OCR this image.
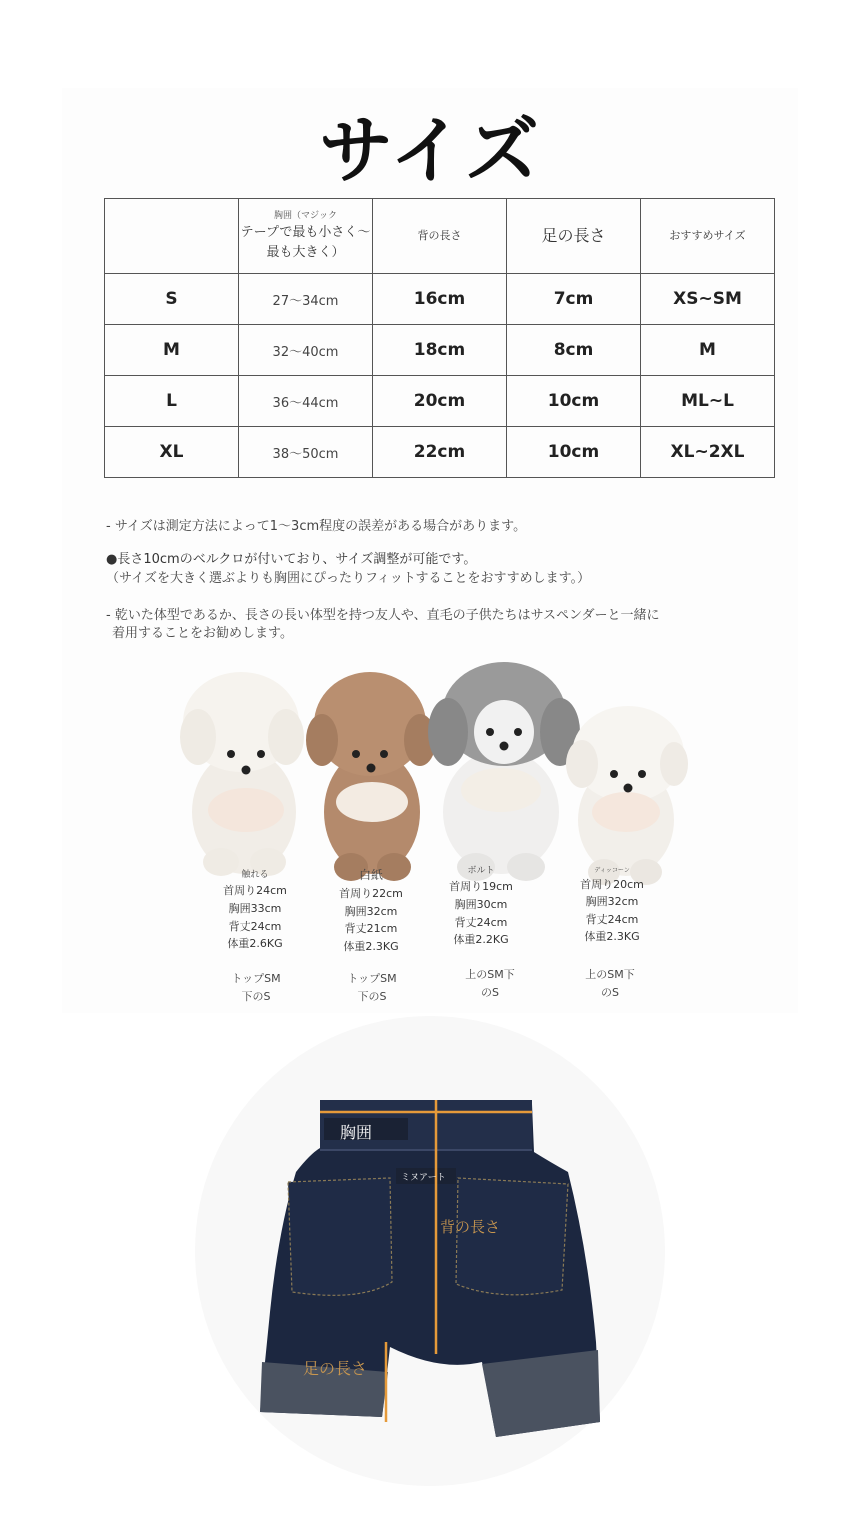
サイズ

	胸囲（マジック
テープで最も小さく～
最も大きく）	背の長さ	足の長さ	おすすめサイズ
S	27～34cm	16cm	7cm	XS~SM
M	32～40cm	18cm	8cm	M
L	36～44cm	20cm	10cm	ML~L
XL	38～50cm	22cm	10cm	XL~2XL

- サイズは測定方法によって1～3cm程度の誤差がある場合があります。

●長さ10cmのベルクロが付いており、サイズ調整が可能です。
（サイズを大きく選ぶよりも胸囲にぴったりフィットすることをおすすめします。）

- 乾いた体型であるか、長さの長い体型を持つ友人や、直毛の子供たちはサスペンダーと一緒に
着用することをお勧めします。

触れる
首周り24cm
胸囲33cm
背丈24cm
体重2.6KG
白紙
首周り22cm
胸囲32cm
背丈21cm
体重2.3KG
ボルト
首周り19cm
胸囲30cm
背丈24cm
体重2.2KG
ディッコーン
首周り20cm
胸囲32cm
背丈24cm
体重2.3KG
トップSM
下のS
トップSM
下のS
上のSM下
のS
上のSM下
のS
胸囲
ミヌアート
背の長さ
足の長さ
